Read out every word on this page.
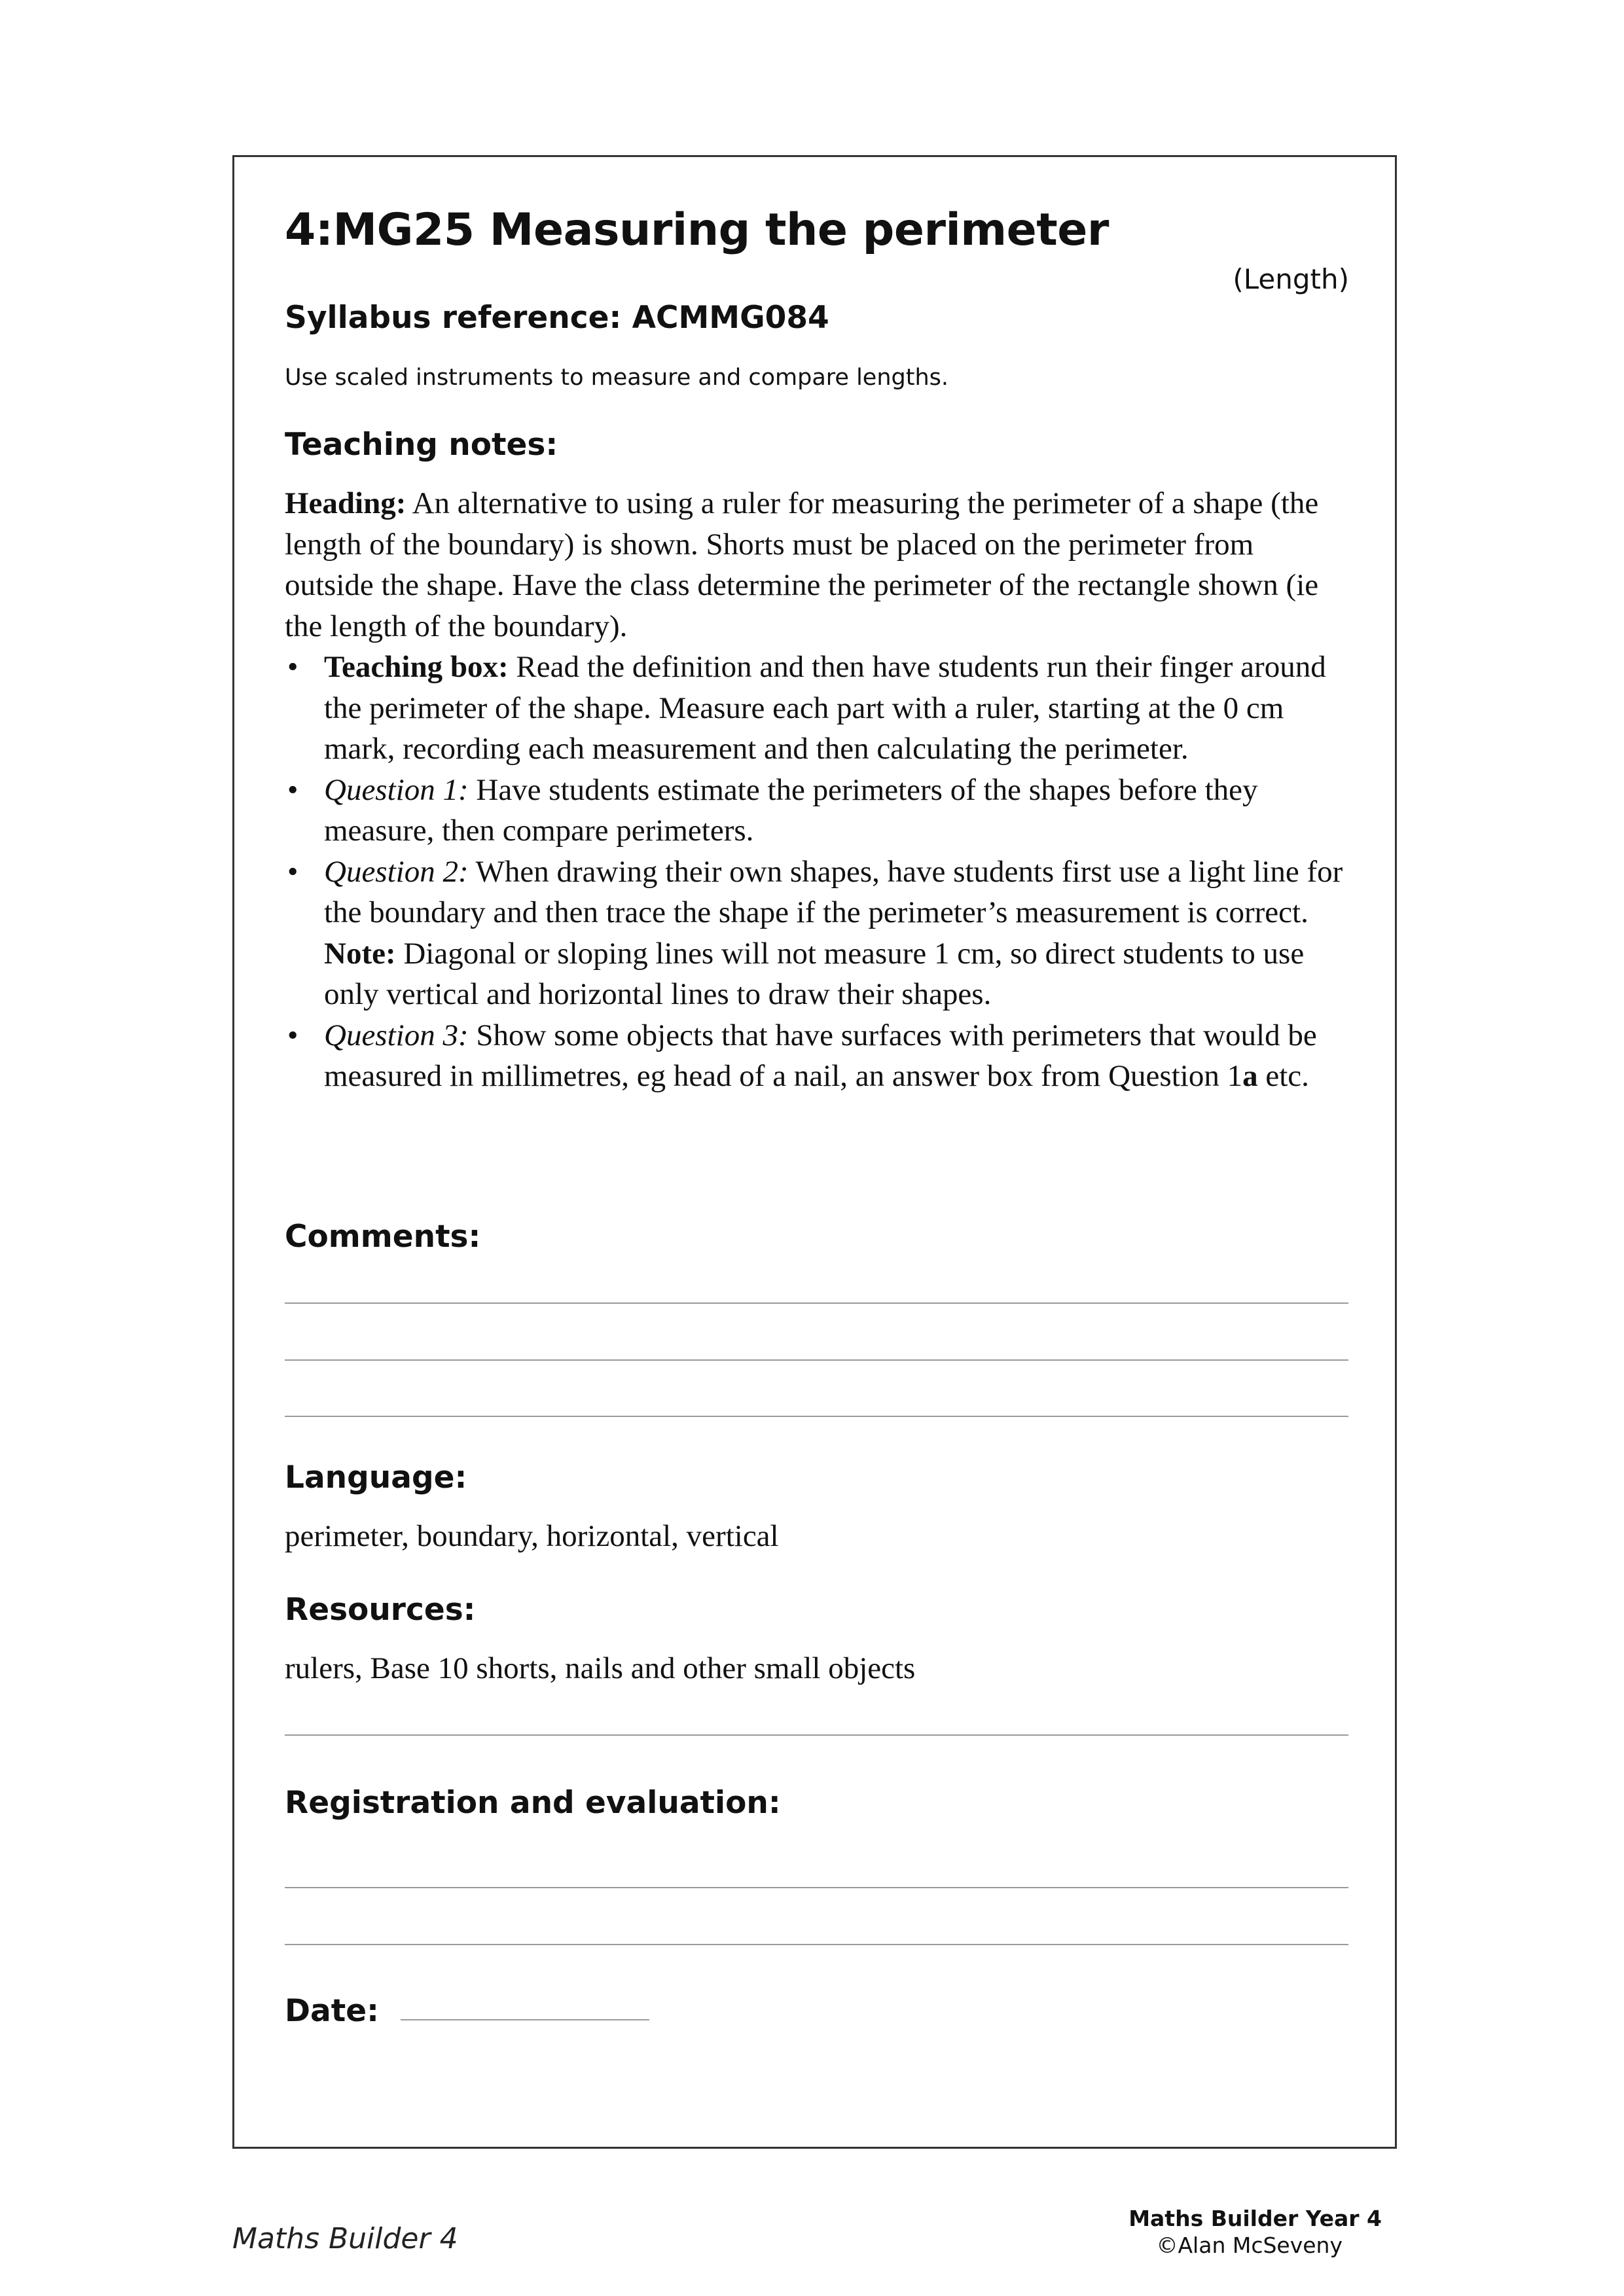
4:MG25 Measuring the perimeter

(Length)

Syllabus reference: ACMMG084

Use scaled instruments to measure and compare lengths.

Teaching notes:

Heading: An alternative to using a ruler for measuring the perimeter of a shape (the length of the boundary) is shown. Shorts must be placed on the perimeter from outside the shape. Have the class determine the perimeter of the rectangle shown (ie the length of the boundary).

• Teaching box: Read the definition and then have students run their finger around the perimeter of the shape. Measure each part with a ruler, starting at the 0 cm mark, recording each measurement and then calculating the perimeter.
• Question 1: Have students estimate the perimeters of the shapes before they measure, then compare perimeters.
• Question 2: When drawing their own shapes, have students first use a light line for the boundary and then trace the shape if the perimeter’s measurement is correct.
Note: Diagonal or sloping lines will not measure 1 cm, so direct students to use only vertical and horizontal lines to draw their shapes.
• Question 3: Show some objects that have surfaces with perimeters that would be measured in millimetres, eg head of a nail, an answer box from Question 1a etc.
Comments:
Language:

perimeter, boundary, horizontal, vertical

Resources:

rulers, Base 10 shorts, nails and other small objects

Registration and evaluation:
Date:

Maths Builder 4

Maths Builder Year 4

©Alan McSeveny
